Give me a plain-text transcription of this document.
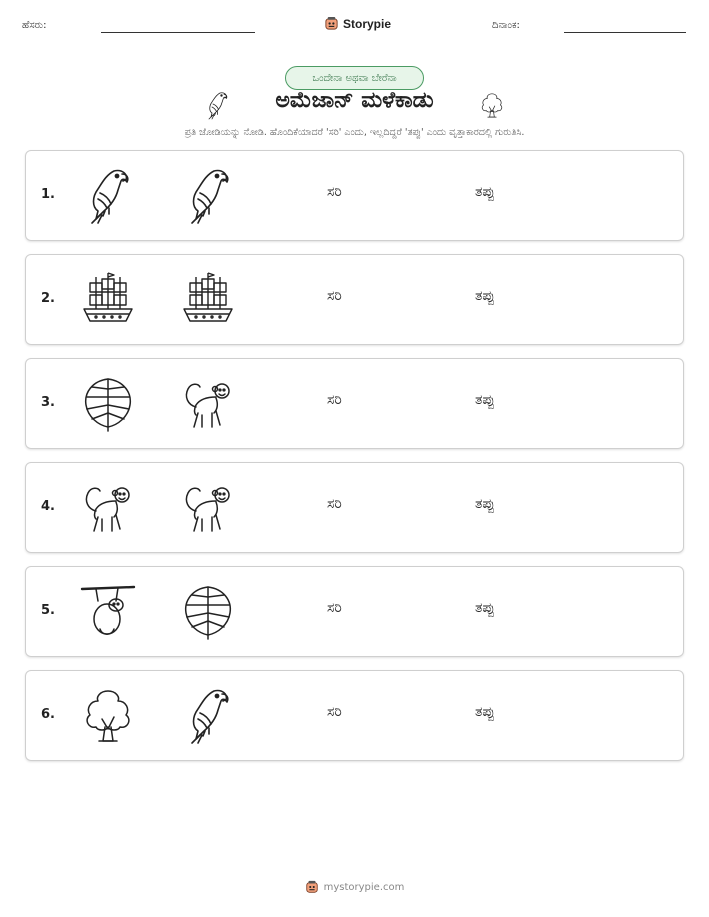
ಹೆಸರು:	Storypie	ದಿನಾಂಕ:
ಒಂದೇನಾ ಅಥವಾ ಬೇರೆನಾ
ಅಮೆಜಾನ್ ಮಳೆಕಾಡು
ಪ್ರತಿ ಜೋಡಿಯನ್ನು ನೋಡಿ. ಹೊಂದಿಕೆಯಾದರೆ 'ಸರಿ' ಎಂದು, ಇಲ್ಲದಿದ್ದರೆ 'ತಪ್ಪು' ಎಂದು ವೃತ್ತಾಕಾರದಲ್ಲಿ ಗುರುತಿಸಿ.
1.	ಸರಿ	ತಪ್ಪು
2.	ಸರಿ	ತಪ್ಪು
3.	ಸರಿ	ತಪ್ಪು
4.	ಸರಿ	ತಪ್ಪು
5.	ಸರಿ	ತಪ್ಪು
6.	ಸರಿ	ತಪ್ಪು
mystorypie.com
